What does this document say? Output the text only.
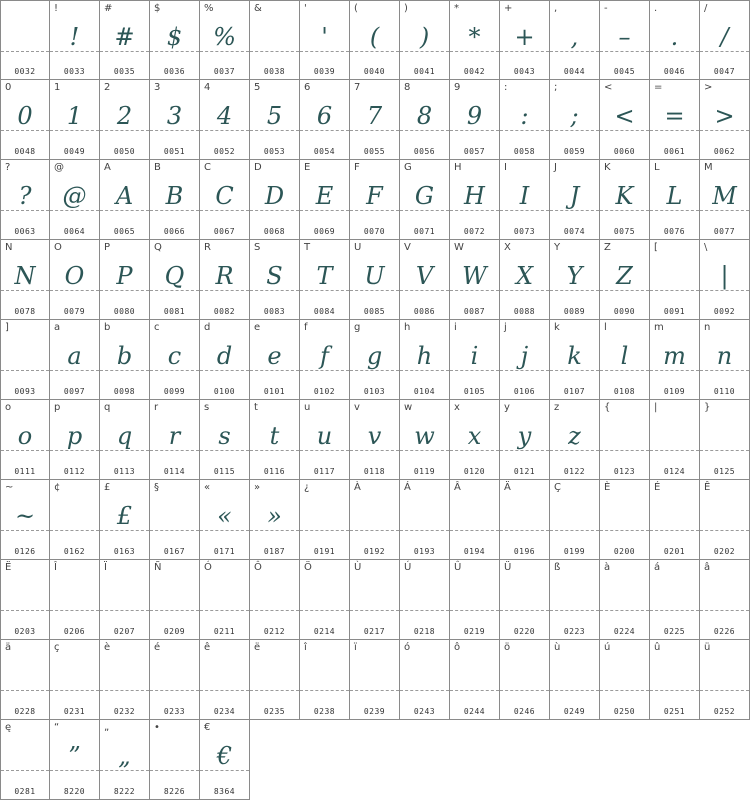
0032
!
!
0033
#
#
0035
$
$
0036
%
%
0037
&
0038
'
'
0039
(
(
0040
)
)
0041
*
*
0042
+
+
0043
,
,
0044
-
–
0045
.
.
0046
/
/
0047
0
0
0048
1
1
0049
2
2
0050
3
3
0051
4
4
0052
5
5
0053
6
6
0054
7
7
0055
8
8
0056
9
9
0057
:
:
0058
;
;
0059
<
<
0060
=
=
0061
>
>
0062
?
?
0063
@
@
0064
A
A
0065
B
B
0066
C
C
0067
D
D
0068
E
E
0069
F
F
0070
G
G
0071
H
H
0072
I
I
0073
J
J
0074
K
K
0075
L
L
0076
M
M
0077
N
N
0078
O
O
0079
P
P
0080
Q
Q
0081
R
R
0082
S
S
0083
T
T
0084
U
U
0085
V
V
0086
W
W
0087
X
X
0088
Y
Y
0089
Z
Z
0090
[
0091
\
|
0092
]
0093
a
a
0097
b
b
0098
c
c
0099
d
d
0100
e
e
0101
f
f
0102
g
g
0103
h
h
0104
i
i
0105
j
j
0106
k
k
0107
l
l
0108
m
m
0109
n
n
0110
o
o
0111
p
p
0112
q
q
0113
r
r
0114
s
s
0115
t
t
0116
u
u
0117
v
v
0118
w
w
0119
x
x
0120
y
y
0121
z
z
0122
{
0123
|
0124
}
0125
~
~
0126
¢
0162
£
£
0163
§
0167
«
«
0171
»
»
0187
¿
0191
À
0192
Á
0193
Â
0194
Ä
0196
Ç
0199
È
0200
É
0201
Ê
0202
Ë
0203
Î
0206
Ï
0207
Ñ
0209
Ó
0211
Ô
0212
Ö
0214
Ù
0217
Ú
0218
Û
0219
Ü
0220
ß
0223
à
0224
á
0225
â
0226
ä
0228
ç
0231
è
0232
é
0233
ê
0234
ë
0235
î
0238
ï
0239
ó
0243
ô
0244
ö
0246
ù
0249
ú
0250
û
0251
ü
0252
ę
0281
“
”
8220
„
„
8222
•
8226
€
€
8364
